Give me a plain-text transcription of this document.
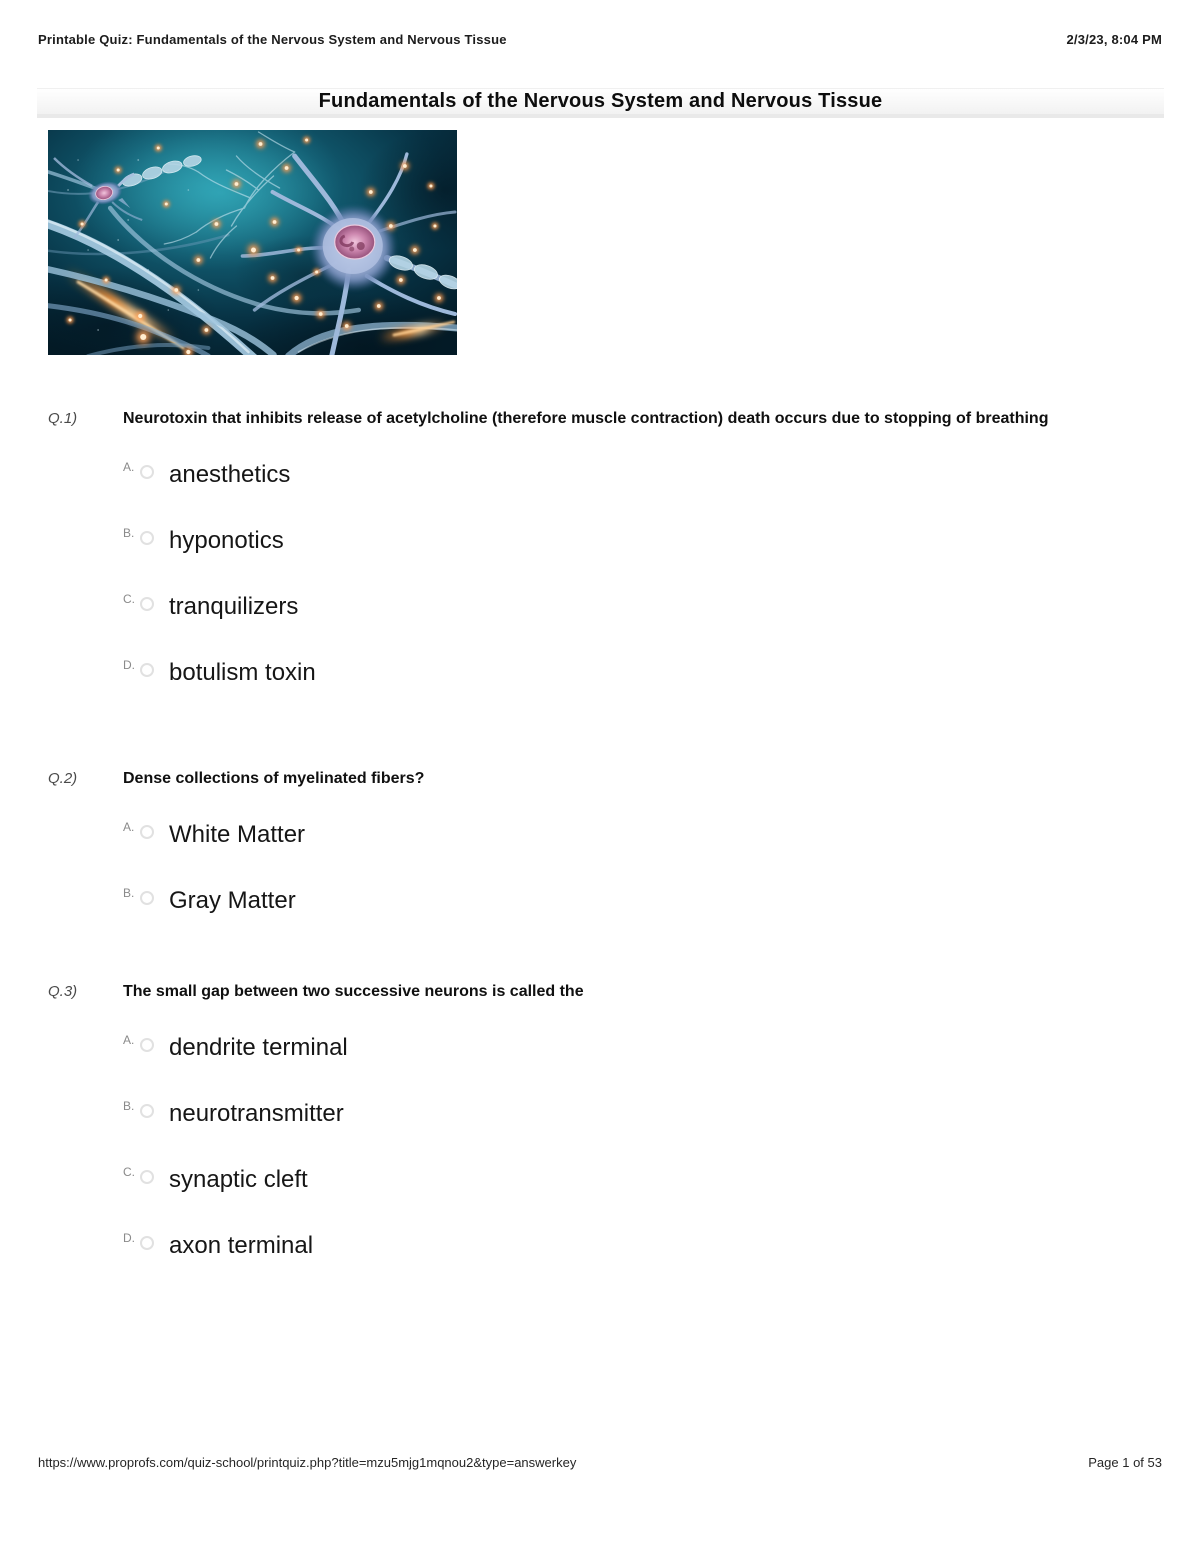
Printable Quiz: Fundamentals of the Nervous System and Nervous Tissue	2/3/23, 8:04 PM
Fundamentals of the Nervous System and Nervous Tissue
Q.1)	Neurotoxin that inhibits release of acetylcholine (therefore muscle contraction) death occurs due to stopping of breathing
A. anesthetics
B. hyponotics
C. tranquilizers
D. botulism toxin
Q.2)	Dense collections of myelinated fibers?
A. White Matter
B. Gray Matter
Q.3)	The small gap between two successive neurons is called the
A. dendrite terminal
B. neurotransmitter
C. synaptic cleft
D. axon terminal
https://www.proprofs.com/quiz-school/printquiz.php?title=mzu5mjg1mqnou2&type=answerkey	Page 1 of 53
